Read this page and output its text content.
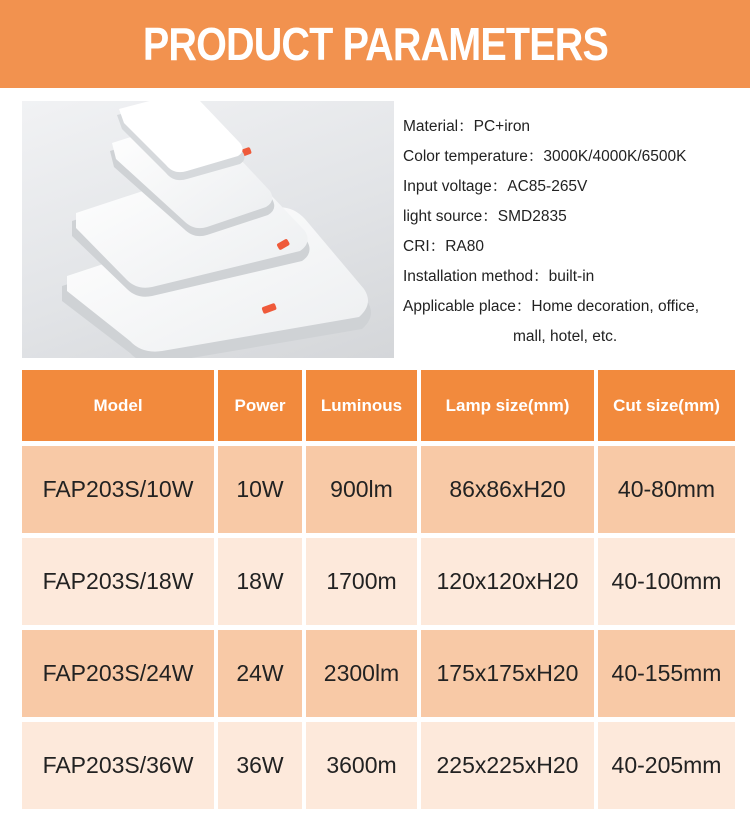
PRODUCT PARAMETERS
Material：PC+iron
Color temperature：3000K/4000K/6500K
Input voltage：AC85-265V
light source：SMD2835
CRI：RA80
Installation method：built-in
Applicable place：Home decoration, office,
mall, hotel, etc.
Model	Power	Luminous	Lamp size(mm)	Cut size(mm)
FAP203S/10W	10W	900lm	86x86xH20	40-80mm
FAP203S/18W	18W	1700m	120x120xH20	40-100mm
FAP203S/24W	24W	2300lm	175x175xH20	40-155mm
FAP203S/36W	36W	3600m	225x225xH20	40-205mm
